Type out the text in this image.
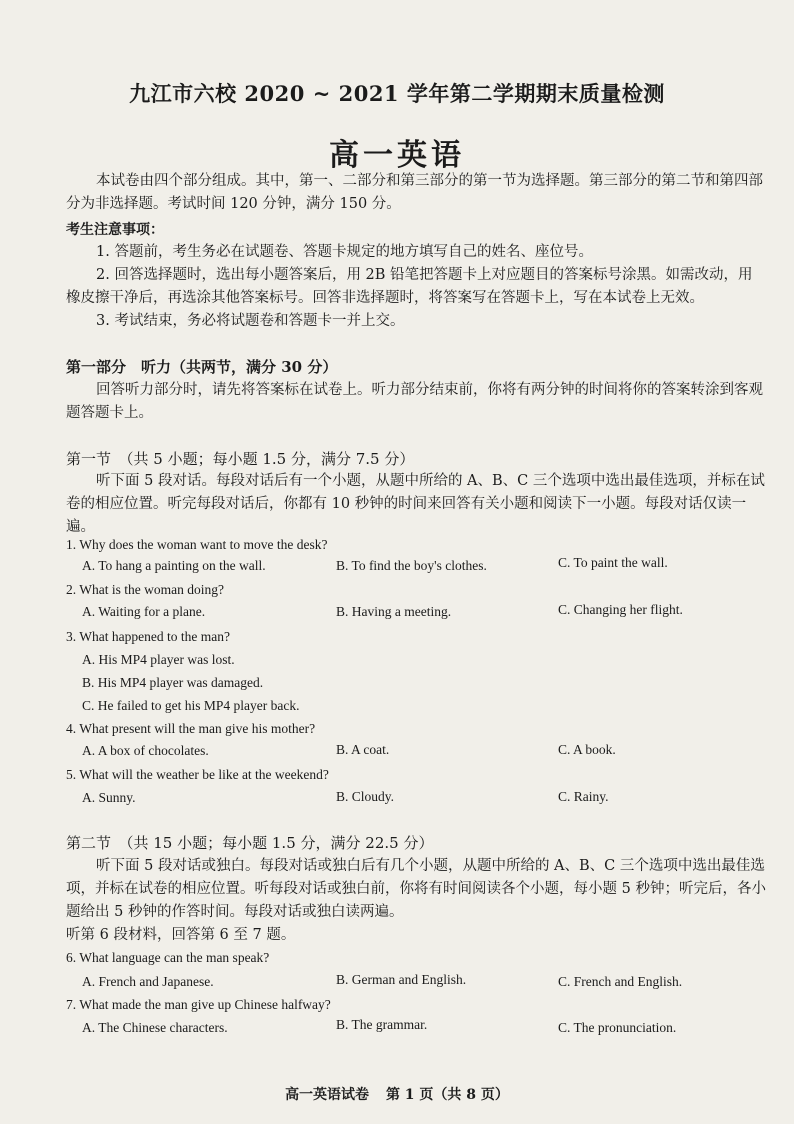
九江市六校 2020 ~ 2021 学年第二学期期末质量检测
高一英语
本试卷由四个部分组成。其中，第一、二部分和第三部分的第一节为选择题。第三部分的第二节和第四部分为非选择题。考试时间 120 分钟，满分 150 分。
考生注意事项：
1. 答题前，考生务必在试题卷、答题卡规定的地方填写自己的姓名、座位号。
2. 回答选择题时，选出每小题答案后，用 2B 铅笔把答题卡上对应题目的答案标号涂黑。如需改动，用橡皮擦干净后，再选涂其他答案标号。回答非选择题时，将答案写在答题卡上，写在本试卷上无效。
3. 考试结束，务必将试题卷和答题卡一并上交。
第一部分　听力（共两节，满分 30 分）
回答听力部分时，请先将答案标在试卷上。听力部分结束前，你将有两分钟的时间将你的答案转涂到客观题答题卡上。
第一节　（共 5 小题；每小题 1.5 分，满分 7.5 分）
听下面 5 段对话。每段对话后有一个小题，从题中所给的 A、B、C 三个选项中选出最佳选项，并标在试卷的相应位置。听完每段对话后，你都有 10 秒钟的时间来回答有关小题和阅读下一小题。每段对话仅读一遍。
1. Why does the woman want to move the desk?
A. To hang a painting on the wall.	B. To find the boy's clothes.	C. To paint the wall.
2. What is the woman doing?
A. Waiting for a plane.	B. Having a meeting.	C. Changing her flight.
3. What happened to the man?
A. His MP4 player was lost.
B. His MP4 player was damaged.
C. He failed to get his MP4 player back.
4. What present will the man give his mother?
A. A box of chocolates.	B. A coat.	C. A book.
5. What will the weather be like at the weekend?
A. Sunny.	B. Cloudy.	C. Rainy.
第二节　（共 15 小题；每小题 1.5 分，满分 22.5 分）
听下面 5 段对话或独白。每段对话或独白后有几个小题，从题中所给的 A、B、C 三个选项中选出最佳选项，并标在试卷的相应位置。听每段对话或独白前，你将有时间阅读各个小题，每小题 5 秒钟；听完后，各小题给出 5 秒钟的作答时间。每段对话或独白读两遍。
听第 6 段材料，回答第 6 至 7 题。
6. What language can the man speak?
A. French and Japanese.	B. German and English.	C. French and English.
7. What made the man give up Chinese halfway?
A. The Chinese characters.	B. The grammar.	C. The pronunciation.
高一英语试卷 第 1 页（共 8 页）
